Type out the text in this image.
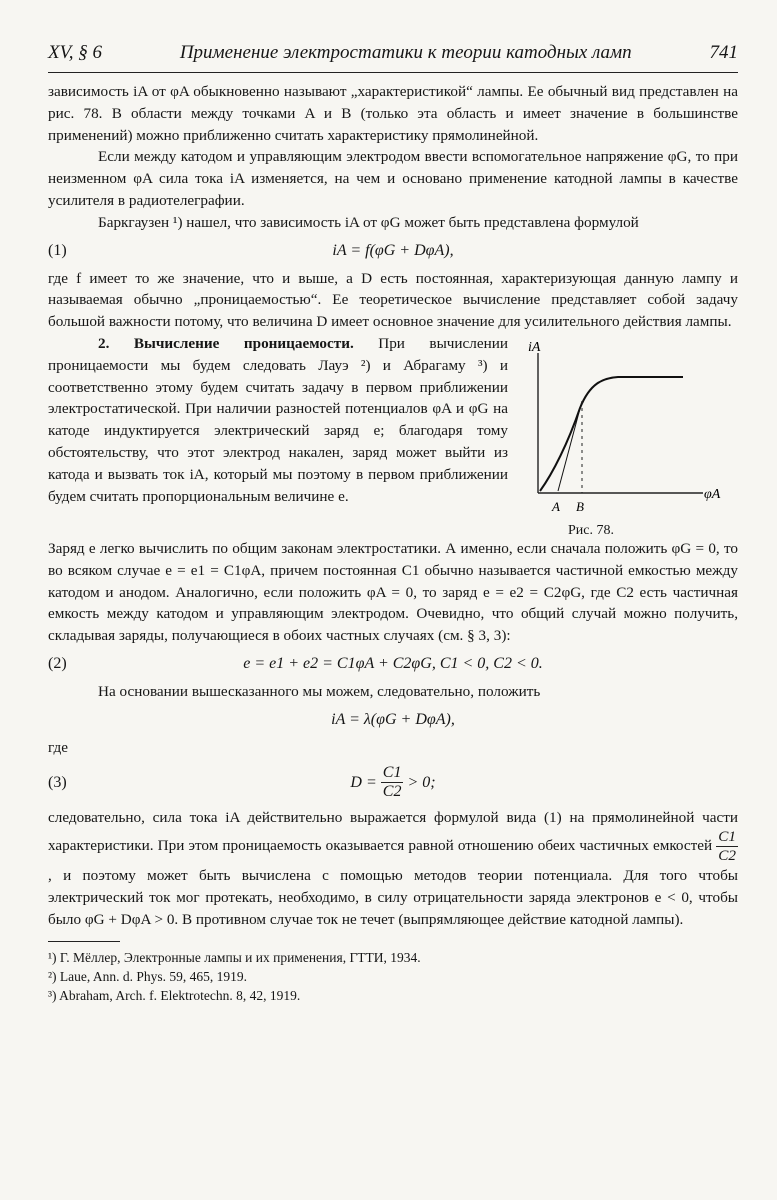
XV, § 6	Применение электростатики к теории катодных ламп	741

зависимость iA от φA обыкновенно называют „характеристикой“ лампы. Ее обычный вид представлен на рис. 78. В области между точками A и B (только эта область и имеет значение в большинстве применений) можно приближенно считать характеристику прямолинейной.

Если между катодом и управляющим электродом ввести вспомогательное напряжение φG, то при неизменном φA сила тока iA изменяется, на чем и основано применение катодной лампы в качестве усилителя в радиотелеграфии.

Баркгаузен ¹) нашел, что зависимость iA от φG может быть представлена формулой

(1)	iA = f(φG + DφA),

где f имеет то же значение, что и выше, а D есть постоянная, характеризующая данную лампу и называемая обычно „проницаемостью“. Ее теоретическое вычисление представляет собой задачу большой важности потому, что величина D имеет основное значение для усилительного действия лампы.

2. Вычисление проницаемости. При вычислении проницаемости мы будем следовать Лауэ ²) и Абрагаму ³) и соответственно этому будем считать задачу в первом приближении электростатической. При наличии разностей потенциалов φA и φG на катоде индуктируется электрический заряд e; благодаря тому обстоятельству, что этот электрод накален, заряд может выйти из катода и вызвать ток iA, который мы поэтому в первом приближении будем считать пропорциональным величине e.

iA
φA
A B
Рис. 78.

Заряд e легко вычислить по общим законам электростатики. А именно, если сначала положить φG = 0, то во всяком случае e = e1 = C1φA, причем постоянная C1 обычно называется частичной емкостью между катодом и анодом. Аналогично, если положить φA = 0, то заряд e = e2 = C2φG, где C2 есть частичная емкость между катодом и управляющим электродом. Очевидно, что общий случай можно получить, складывая заряды, получающиеся в обоих частных случаях (см. § 3, 3):

(2)	e = e1 + e2 = C1φA + C2φG, C1 < 0, C2 < 0.

На основании вышесказанного мы можем, следовательно, положить

iA = λ(φG + DφA),

где

(3)	$D = \frac{C1}{C2} > 0$;

следовательно, сила тока iA действительно выражается формулой вида (1) на прямолинейной части характеристики. При этом проницаемость оказывается равной отношению обеих частичных емкостей $\frac{C1}{C2}$
, и поэтому может быть вычислена с помощью методов теории потенциала. Для того чтобы электрический ток мог протекать, необходимо, в силу отрицательности заряда электронов e < 0, чтобы было φG + DφA > 0. В противном случае ток не течет (выпрямляющее действие катодной лампы).

¹) Г. Мёллер, Электронные лампы и их применения, ГТТИ, 1934.
²) Laue, Ann. d. Phys. 59, 465, 1919.
³) Abraham, Arch. f. Elektrotechn. 8, 42, 1919.
